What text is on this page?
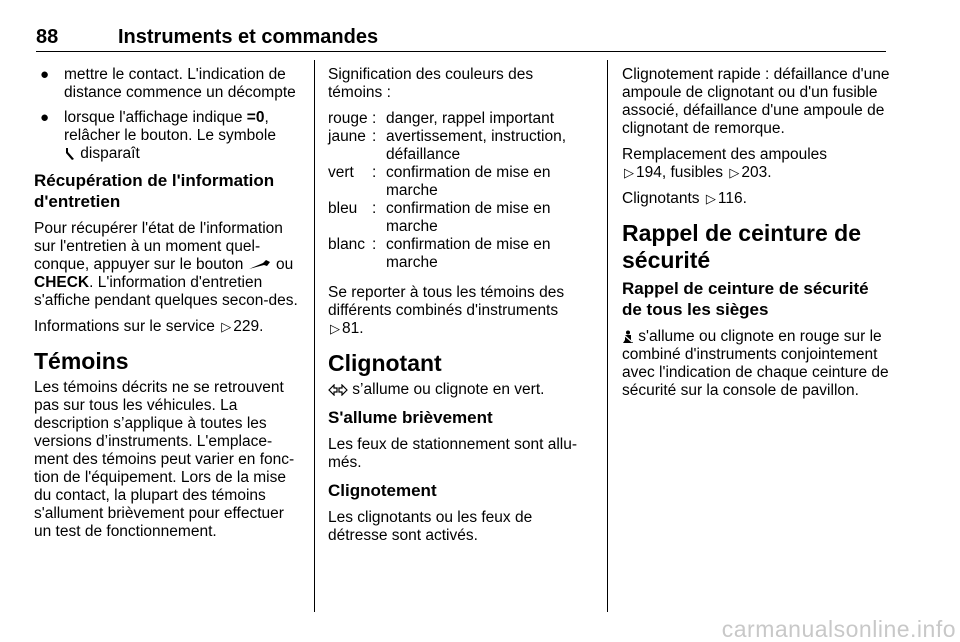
88	Instruments et commandes
● mettre le contact. L'indication de distance commence un décompte
● lorsque l'affichage indique =0, relâcher le bouton. Le symbole
disparaît
Récupération de l'information d'entretien

Pour récupérer l'état de l'information sur l'entretien à un moment quel-conque, appuyer sur le bouton  ou CHECK. L'information d'entretien s'affiche pendant quelques secon-des.

Informations sur le service ▷ 229.

Témoins

Les témoins décrits ne se retrouvent pas sur tous les véhicules. La description s’applique à toutes les versions d’instruments. L'emplace-ment des témoins peut varier en fonc-tion de l'équipement. Lors de la mise du contact, la plupart des témoins s'allument brièvement pour effectuer un test de fonctionnement.

Signification des couleurs des témoins :

rouge	:	danger, rappel important
jaune	:	avertissement, instruction, défaillance
vert	:	confirmation de mise en marche
bleu	:	confirmation de mise en marche
blanc	:	confirmation de mise en marche

Se reporter à tous les témoins des différents combinés d'instruments
▷ 81.

Clignotant

s’allume ou clignote en vert.

S'allume brièvement

Les feux de stationnement sont allu-més.

Clignotement

Les clignotants ou les feux de détresse sont activés.

Clignotement rapide : défaillance d'une ampoule de clignotant ou d'un fusible associé, défaillance d'une ampoule de clignotant de remorque.

Remplacement des ampoules
▷ 194, fusibles ▷ 203.

Clignotants ▷ 116.

Rappel de ceinture de sécurité
Rappel de ceinture de sécurité de tous les sièges

s'allume ou clignote en rouge sur le combiné d'instruments conjointement avec l'indication de chaque ceinture de sécurité sur la console de pavillon.

carmanualsonline.info
